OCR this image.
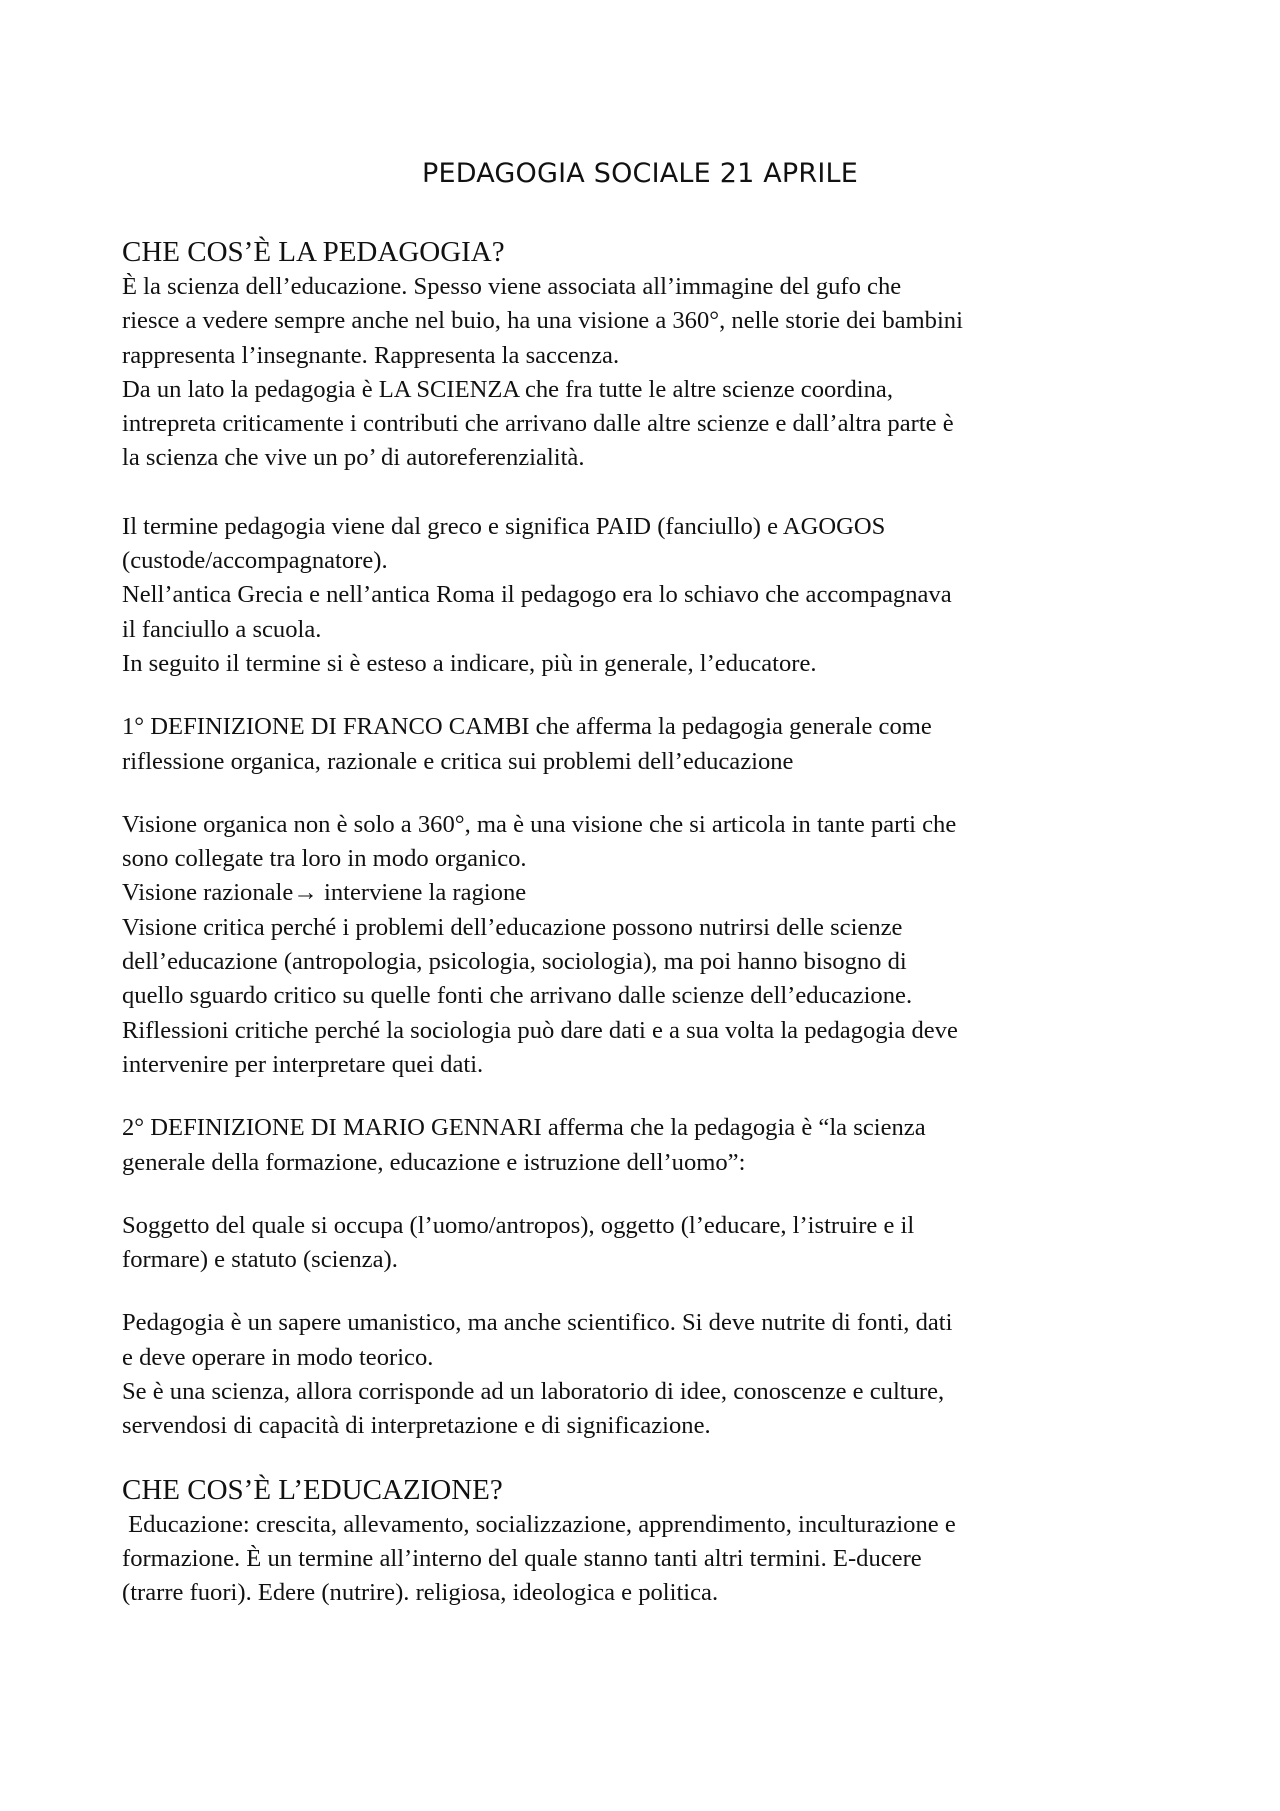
PEDAGOGIA SOCIALE 21 APRILE
CHE COS’È LA PEDAGOGIA?

È la scienza dell’educazione. Spesso viene associata all’immagine del gufo che

riesce a vedere sempre anche nel buio, ha una visione a 360°, nelle storie dei bambini

rappresenta l’insegnante. Rappresenta la saccenza.

Da un lato la pedagogia è LA SCIENZA che fra tutte le altre scienze coordina,

intrepreta criticamente i contributi che arrivano dalle altre scienze e dall’altra parte è

la scienza che vive un po’ di autoreferenzialità.

Il termine pedagogia viene dal greco e significa PAID (fanciullo) e AGOGOS

(custode/accompagnatore).

Nell’antica Grecia e nell’antica Roma il pedagogo era lo schiavo che accompagnava

il fanciullo a scuola.

In seguito il termine si è esteso a indicare, più in generale, l’educatore.

1° DEFINIZIONE DI FRANCO CAMBI che afferma la pedagogia generale come

riflessione organica, razionale e critica sui problemi dell’educazione

Visione organica non è solo a 360°, ma è una visione che si articola in tante parti che

sono collegate tra loro in modo organico.

Visione razionale→ interviene la ragione

Visione critica perché i problemi dell’educazione possono nutrirsi delle scienze

dell’educazione (antropologia, psicologia, sociologia), ma poi hanno bisogno di

quello sguardo critico su quelle fonti che arrivano dalle scienze dell’educazione.

Riflessioni critiche perché la sociologia può dare dati e a sua volta la pedagogia deve

intervenire per interpretare quei dati.

2° DEFINIZIONE DI MARIO GENNARI afferma che la pedagogia è “la scienza

generale della formazione, educazione e istruzione dell’uomo”:

Soggetto del quale si occupa (l’uomo/antropos), oggetto (l’educare, l’istruire e il

formare) e statuto (scienza).

Pedagogia è un sapere umanistico, ma anche scientifico. Si deve nutrite di fonti, dati

e deve operare in modo teorico.

Se è una scienza, allora corrisponde ad un laboratorio di idee, conoscenze e culture,

servendosi di capacità di interpretazione e di significazione.

CHE COS’È L’EDUCAZIONE?

Educazione: crescita, allevamento, socializzazione, apprendimento, inculturazione e

formazione. È un termine all’interno del quale stanno tanti altri termini. E-ducere

(trarre fuori). Edere (nutrire). religiosa, ideologica e politica.
